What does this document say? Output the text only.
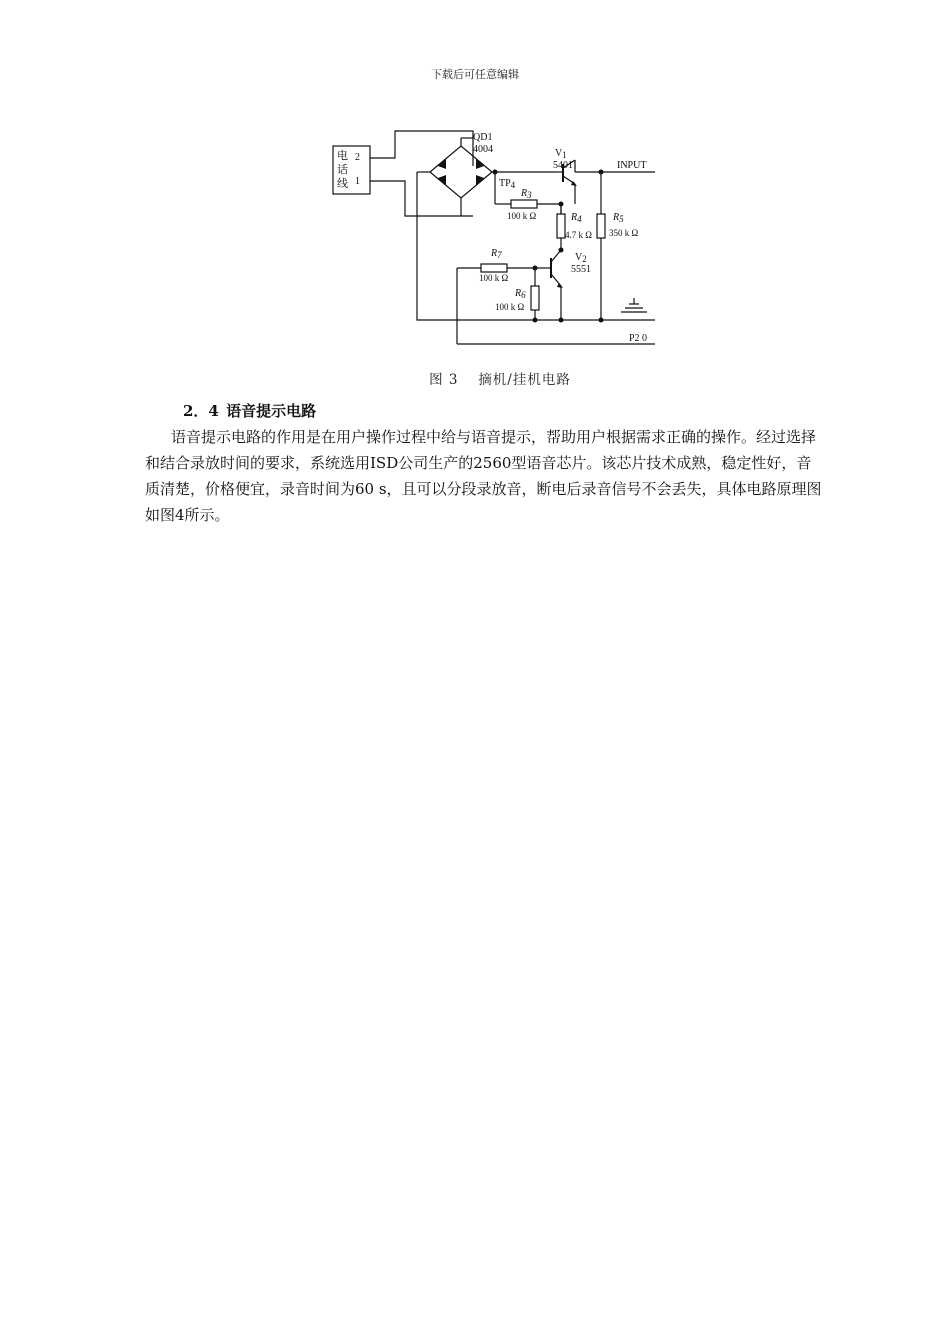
下载后可任意编辑
电
话
线
2
1
QD1
4004	V1
5401	INPUT
TP4
R3
100 k Ω	R4
4.7 k Ω
R5
350 k Ω
R7
100 k Ω
V2
5551
R6
100 k Ω
P2 0
图 3　 摘机/挂机电路
2．4 语音提示电路
语音提示电路的作用是在用户操作过程中给与语音提示，帮助用户根据需求正确的操作。经过选择和结合录放时间的要求，系统选用ISD公司生产的2560型语音芯片。该芯片技术成熟，稳定性好，音质清楚，价格便宜，录音时间为60 s，且可以分段录放音，断电后录音信号不会丢失，具体电路原理图如图4所示。
